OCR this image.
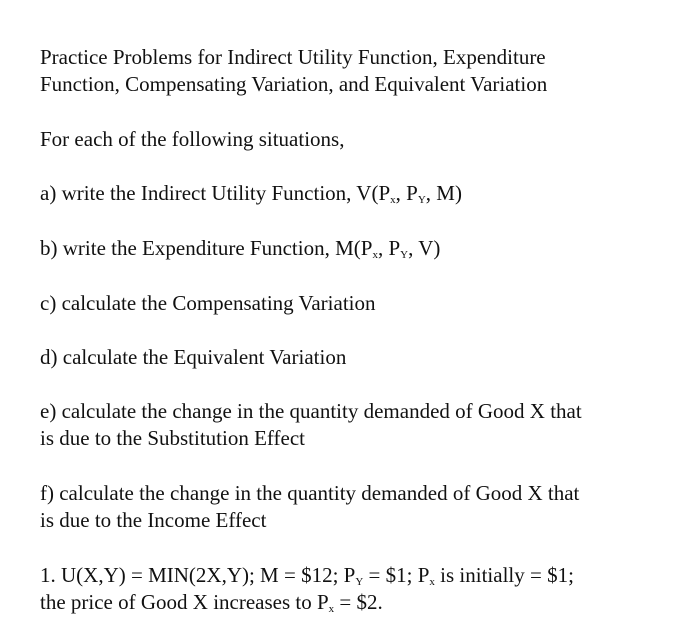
Practice Problems for Indirect Utility Function, Expenditure
Function, Compensating Variation, and Equivalent Variation

For each of the following situations,

a) write the Indirect Utility Function, $V(P_x$, $P_Y$, M)

b) write the Expenditure Function, $M(P_x$, $P_Y$, V)

c) calculate the Compensating Variation

d) calculate the Equivalent Variation

e) calculate the change in the quantity demanded of Good X that
is due to the Substitution Effect

f) calculate the change in the quantity demanded of Good X that
is due to the Income Effect

1. U(X,Y) = MIN(2X,Y); M = $12; $P_Y$ = $1; $P_x$ is initially = $1;
the price of Good X increases to $P_x$ = $2.
